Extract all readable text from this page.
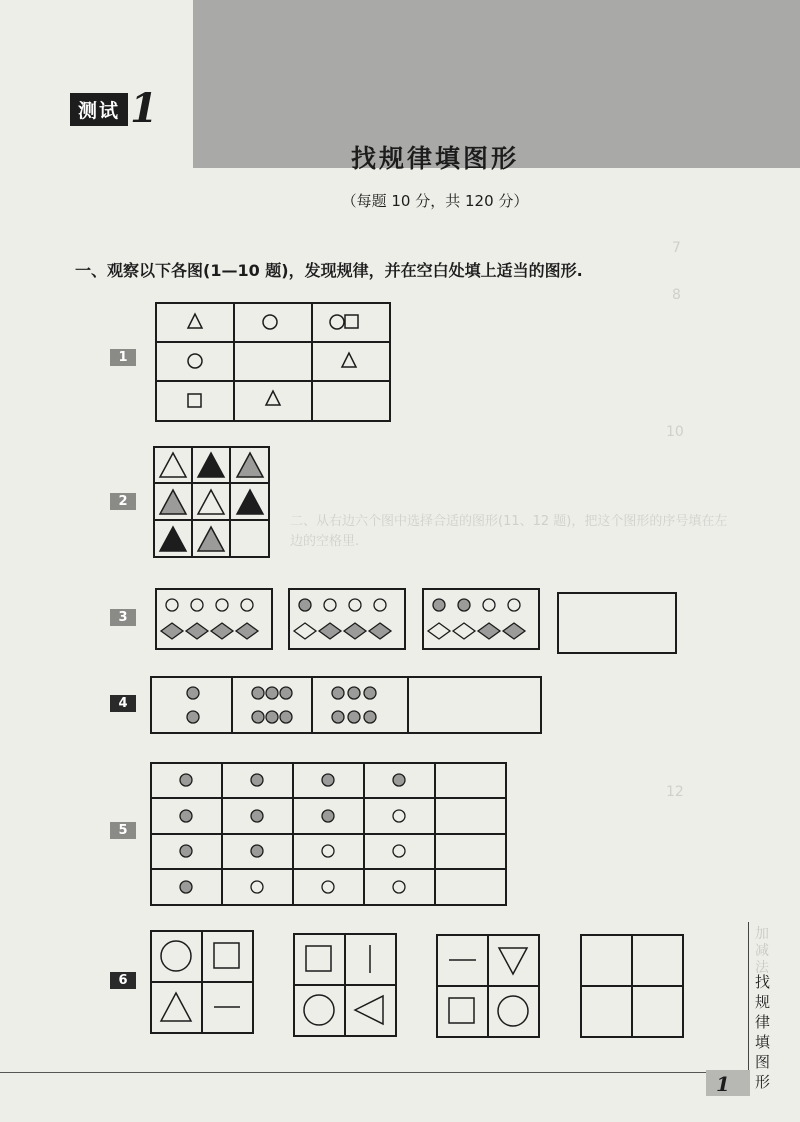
7
8
10
12
二、从右边六个图中选择合适的图形(11、12 题)，把这个图形的序号填在左边的空格里.
测试 1
找规律填图形
（每题 10 分，共 120 分）
一、观察以下各图(1—10 题)，发现规律，并在空白处填上适当的图形.
1
2
3
4
5
6
加减法
找规律填图形
1
